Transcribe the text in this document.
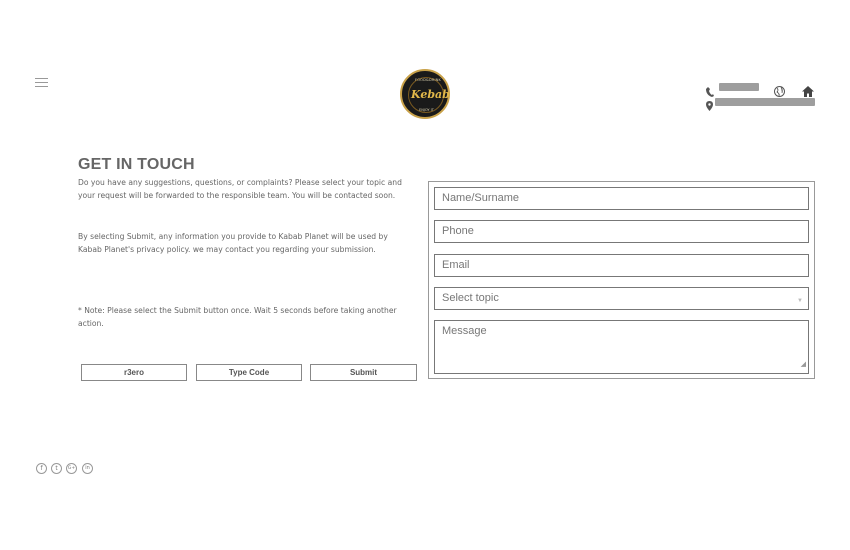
FOOD&DRINK
Kebab
ENJOY IT
GET IN TOUCH
Do you have any suggestions, questions, or complaints? Please select your topic and your request will be forwarded to the responsible team. You will be contacted soon.
By selecting Submit, any information you provide to Kabab Planet will be used by Kabab Planet's privacy policy. we may contact you regarding your submission.
* Note: Please select the Submit button once. Wait 5 seconds before taking another action.
r3ero	Type Code	Submit
Name/Surname
Phone
Email
Select topic	▼
Message
◢
f	t	G+	in
